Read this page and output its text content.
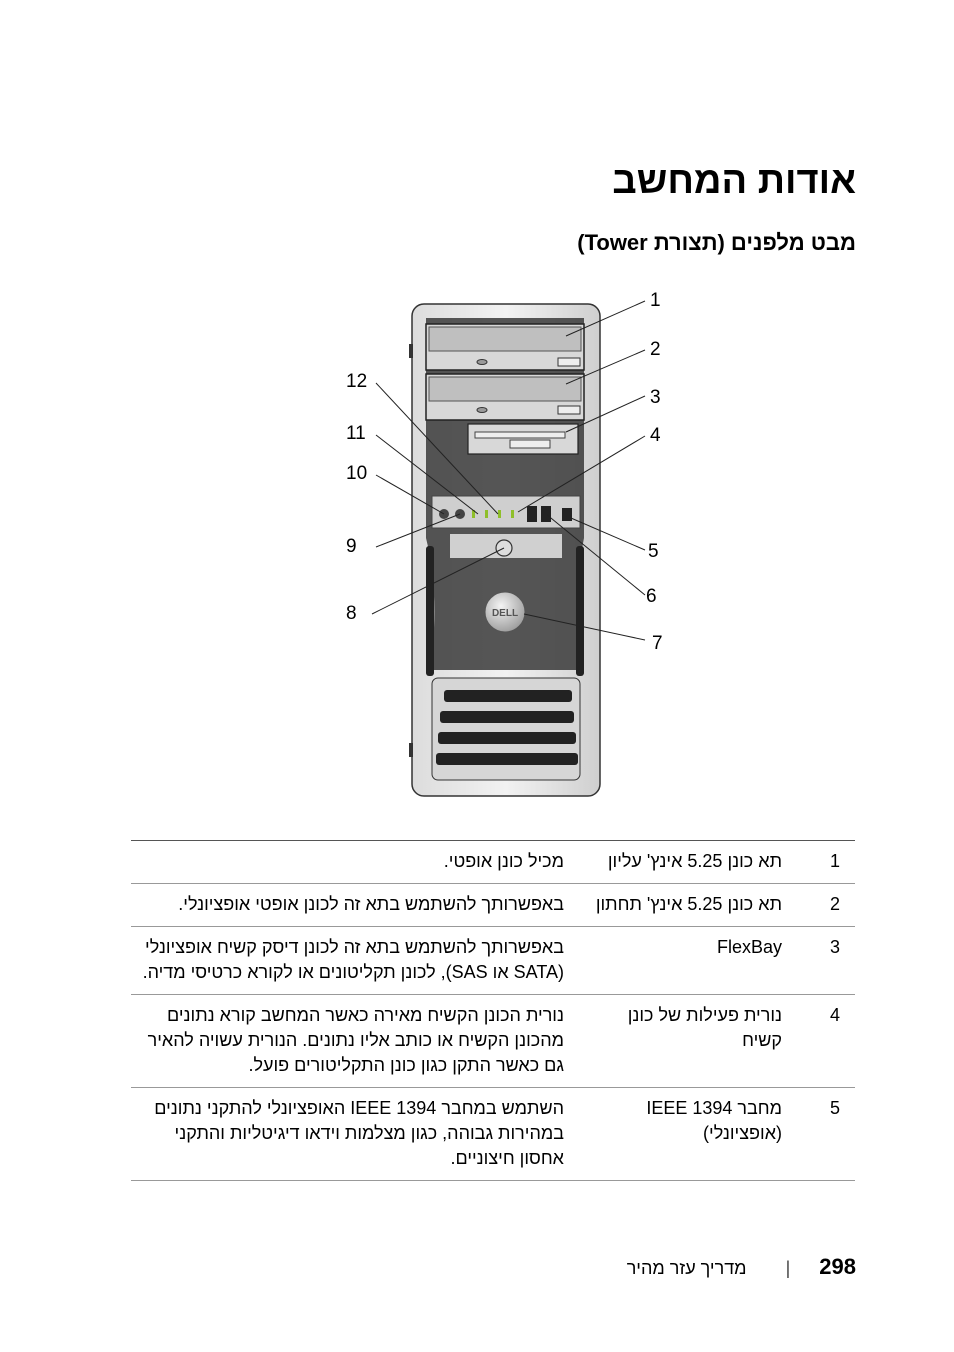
אודות המחשב
מבט מלפנים (תצורת Tower)
DELL
1
2
3
4
5
6
7
8
9
10
11
12
1	תא כונן 5.25 אינץ' עליון	מכיל כונן אופטי.
2	תא כונן 5.25 אינץ' תחתון	באפשרותך להשתמש בתא זה לכונן אופטי אופציונלי.
3	FlexBay	באפשרותך להשתמש בתא זה לכונן דיסק קשיח אופציונלי (SATA או SAS), לכונן תקליטונים או לקורא כרטיסי מדיה.
4	נורית פעילות של כונן קשיח	נורית הכונן הקשיח מאירה כאשר המחשב קורא נתונים מהכונן הקשיח או כותב אליו נתונים. הנורית עשויה להאיר גם כאשר התקן כגון כונן התקליטורים פועל.
5	מחבר IEEE 1394 (אופציונלי)	השתמש במחבר IEEE 1394 האופציונלי להתקני נתונים במהירות גבוהה, כגון מצלמות וידאו דיגיטליות והתקני אחסון חיצוניים.
298 | מדריך עזר מהיר
